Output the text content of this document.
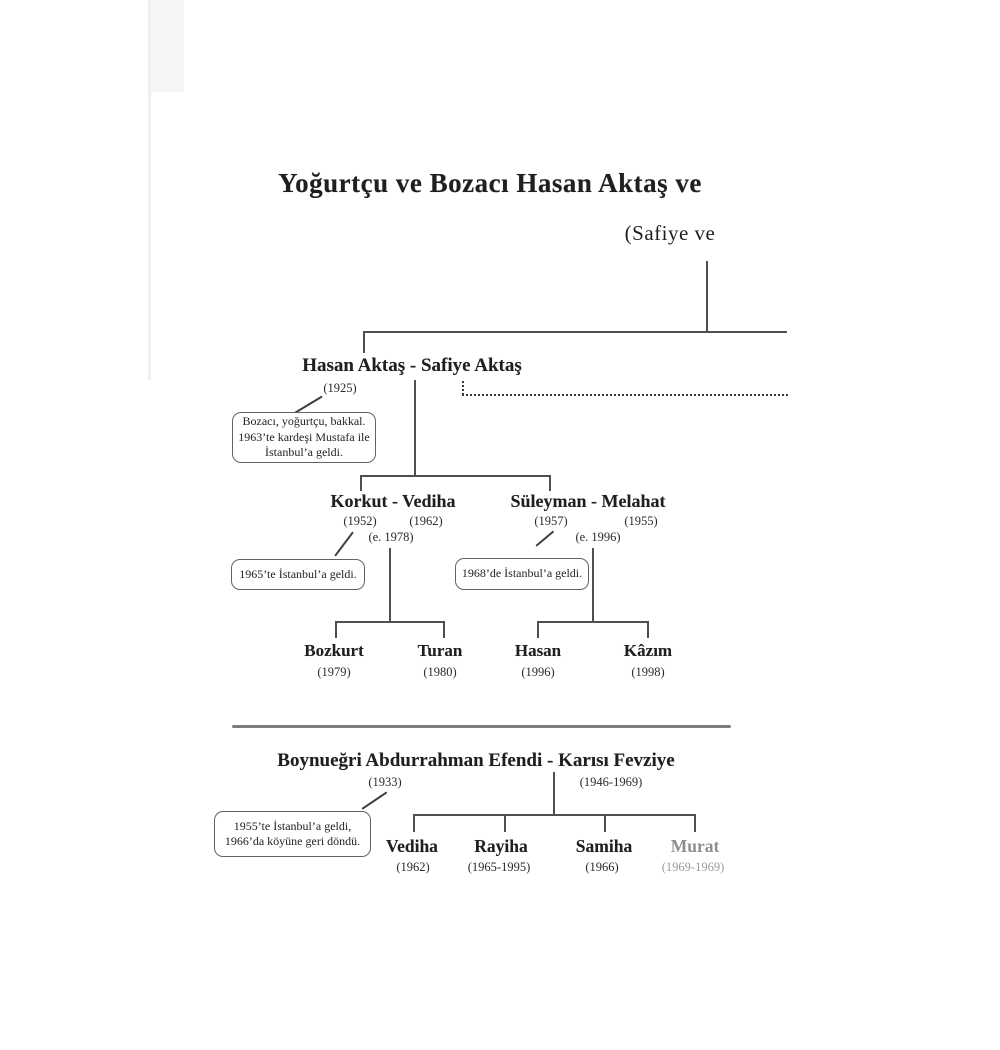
Yoğurtçu ve Bozacı Hasan Aktaş ve
(Safiye ve
Hasan Aktaş - Safiye Aktaş
(1925)
Bozacı, yoğurtçu, bakkal.
1963’te kardeşi Mustafa ile
İstanbul’a geldi.
Korkut - Vediha
(1952)	(1962)
(e. 1978)
Süleyman - Melahat
(1957)	(1955)
(e. 1996)
1965’te İstanbul’a geldi.	1968’de İstanbul’a geldi.
Bozkurt
(1979)
Turan
(1980)
Hasan
(1996)
Kâzım
(1998)
Boynueğri Abdurrahman Efendi - Karısı Fevziye
(1933)	(1946-1969)
1955’te İstanbul’a geldi,
1966’da köyüne geri döndü.	Vediha
(1962)
Rayiha
(1965-1995)
Samiha
(1966)
Murat
(1969-1969)
